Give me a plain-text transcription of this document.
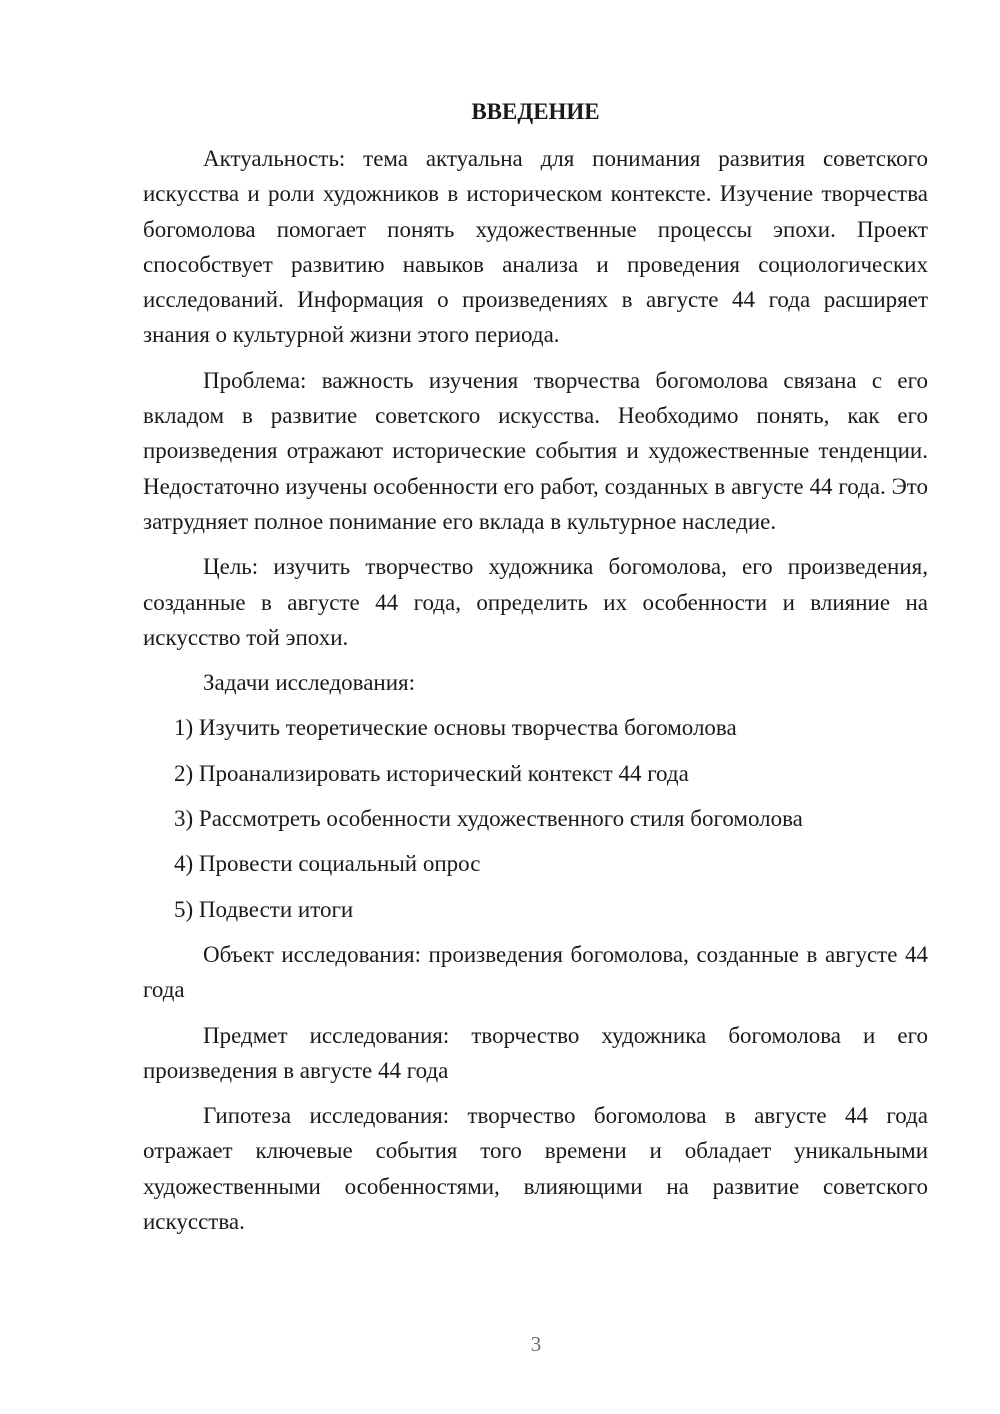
ВВЕДЕНИЕ

Актуальность: тема актуальна для понимания развития советского искусства и роли художников в историческом контексте. Изучение творчества богомолова помогает понять художественные процессы эпохи. Проект способствует развитию навыков анализа и проведения социологических исследований. Информация о произведениях в августе 44 года расширяет знания о культурной жизни этого периода.

Проблема: важность изучения творчества богомолова связана с его вкладом в развитие советского искусства. Необходимо понять, как его произведения отражают исторические события и художественные тенденции. Недостаточно изучены особенности его работ, созданных в августе 44 года. Это затрудняет полное понимание его вклада в культурное наследие.

Цель: изучить творчество художника богомолова, его произведения, созданные в августе 44 года, определить их особенности и влияние на искусство той эпохи.

Задачи исследования:

1) Изучить теоретические основы творчества богомолова
2) Проанализировать исторический контекст 44 года
3) Рассмотреть особенности художественного стиля богомолова
4) Провести социальный опрос
5) Подвести итоги

Объект исследования: произведения богомолова, созданные в августе 44 года

Предмет исследования: творчество художника богомолова и его произведения в августе 44 года

Гипотеза исследования: творчество богомолова в августе 44 года отражает ключевые события того времени и обладает уникальными художественными особенностями, влияющими на развитие советского искусства.

3
